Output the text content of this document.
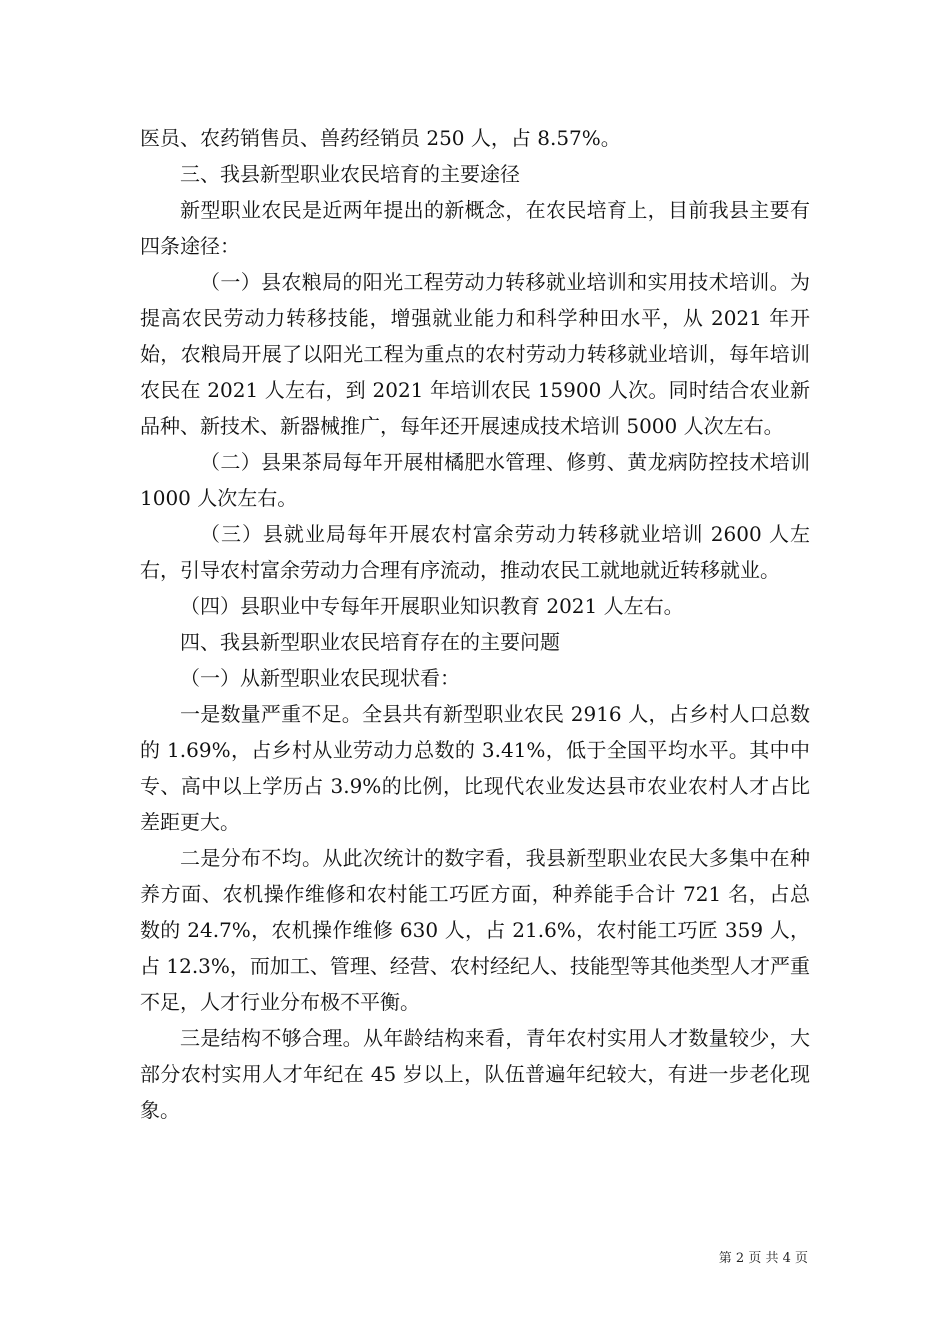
医员、农药销售员、兽药经销员 250 人，占 8.57%。

三、我县新型职业农民培育的主要途径

新型职业农民是近两年提出的新概念，在农民培育上，目前我县主要有四条途径：

（一）县农粮局的阳光工程劳动力转移就业培训和实用技术培训。为提高农民劳动力转移技能，增强就业能力和科学种田水平，从 2021 年开始，农粮局开展了以阳光工程为重点的农村劳动力转移就业培训，每年培训农民在 2021 人左右，到 2021 年培训农民 15900 人次。同时结合农业新品种、新技术、新器械推广，每年还开展速成技术培训 5000 人次左右。

（二）县果茶局每年开展柑橘肥水管理、修剪、黄龙病防控技术培训 1000 人次左右。

（三）县就业局每年开展农村富余劳动力转移就业培训 2600 人左右，引导农村富余劳动力合理有序流动，推动农民工就地就近转移就业。

（四）县职业中专每年开展职业知识教育 2021 人左右。

四、我县新型职业农民培育存在的主要问题

（一）从新型职业农民现状看：

一是数量严重不足。全县共有新型职业农民 2916 人，占乡村人口总数的 1.69%，占乡村从业劳动力总数的 3.41%，低于全国平均水平。其中中专、高中以上学历占 3.9%的比例，比现代农业发达县市农业农村人才占比差距更大。

二是分布不均。从此次统计的数字看，我县新型职业农民大多集中在种养方面、农机操作维修和农村能工巧匠方面，种养能手合计 721 名，占总数的 24.7%，农机操作维修 630 人，占 21.6%，农村能工巧匠 359 人，占 12.3%，而加工、管理、经营、农村经纪人、技能型等其他类型人才严重不足，人才行业分布极不平衡。

三是结构不够合理。从年龄结构来看，青年农村实用人才数量较少，大部分农村实用人才年纪在 45 岁以上，队伍普遍年纪较大，有进一步老化现象。

第 2 页 共 4 页
